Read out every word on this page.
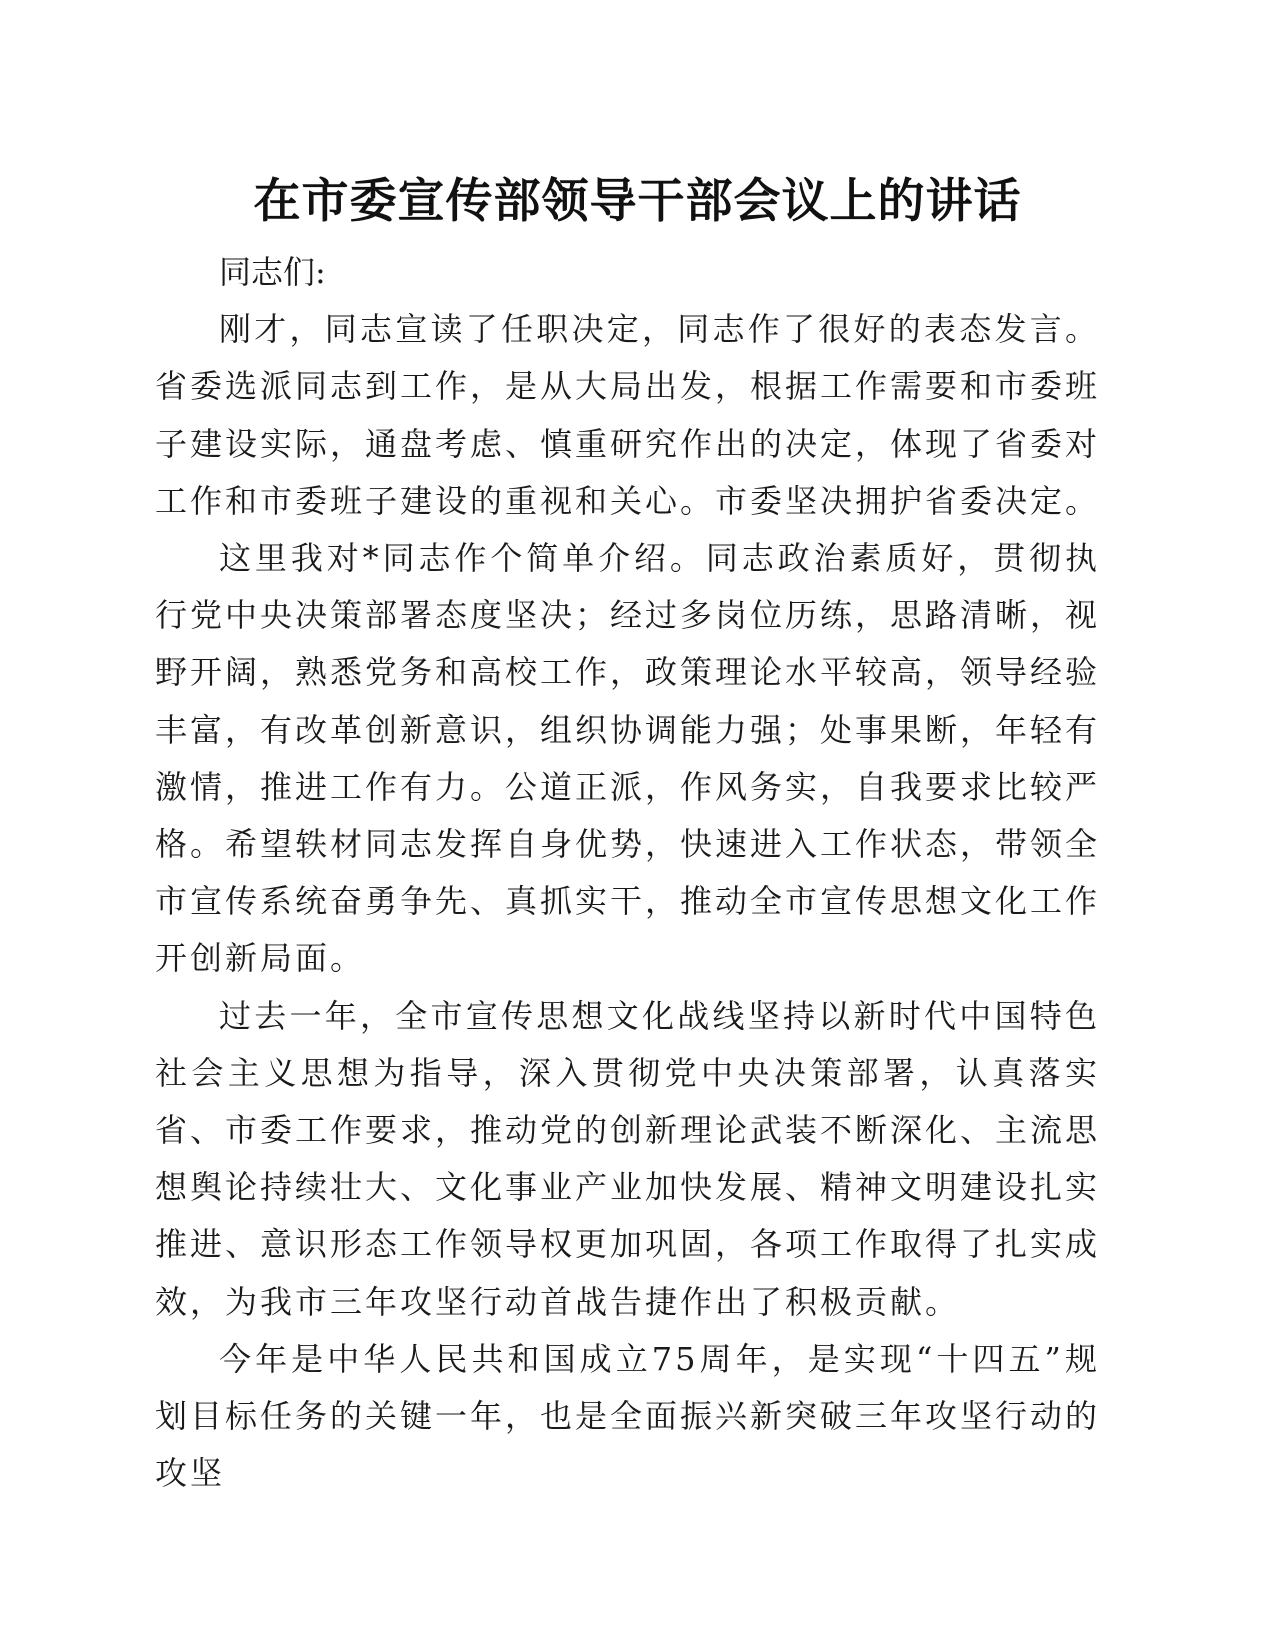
在市委宣传部领导干部会议上的讲话

同志们:

刚才，同志宣读了任职决定，同志作了很好的表态发言。省委选派同志到工作，是从大局出发，根据工作需要和市委班子建设实际，通盘考虑、慎重研究作出的决定，体现了省委对工作和市委班子建设的重视和关心。市委坚决拥护省委决定。

这里我对*同志作个简单介绍。同志政治素质好，贯彻执行党中央决策部署态度坚决；经过多岗位历练，思路清晰，视野开阔，熟悉党务和高校工作，政策理论水平较高，领导经验丰富，有改革创新意识，组织协调能力强；处事果断，年轻有激情，推进工作有力。公道正派，作风务实，自我要求比较严格。希望轶材同志发挥自身优势，快速进入工作状态，带领全市宣传系统奋勇争先、真抓实干，推动全市宣传思想文化工作开创新局面。

过去一年，全市宣传思想文化战线坚持以新时代中国特色社会主义思想为指导，深入贯彻党中央决策部署，认真落实省、市委工作要求，推动党的创新理论武装不断深化、主流思想舆论持续壮大、文化事业产业加快发展、精神文明建设扎实推进、意识形态工作领导权更加巩固，各项工作取得了扎实成效，为我市三年攻坚行动首战告捷作出了积极贡献。

今年是中华人民共和国成立75周年，是实现“十四五”规划目标任务的关键一年，也是全面振兴新突破三年攻坚行动的攻坚
